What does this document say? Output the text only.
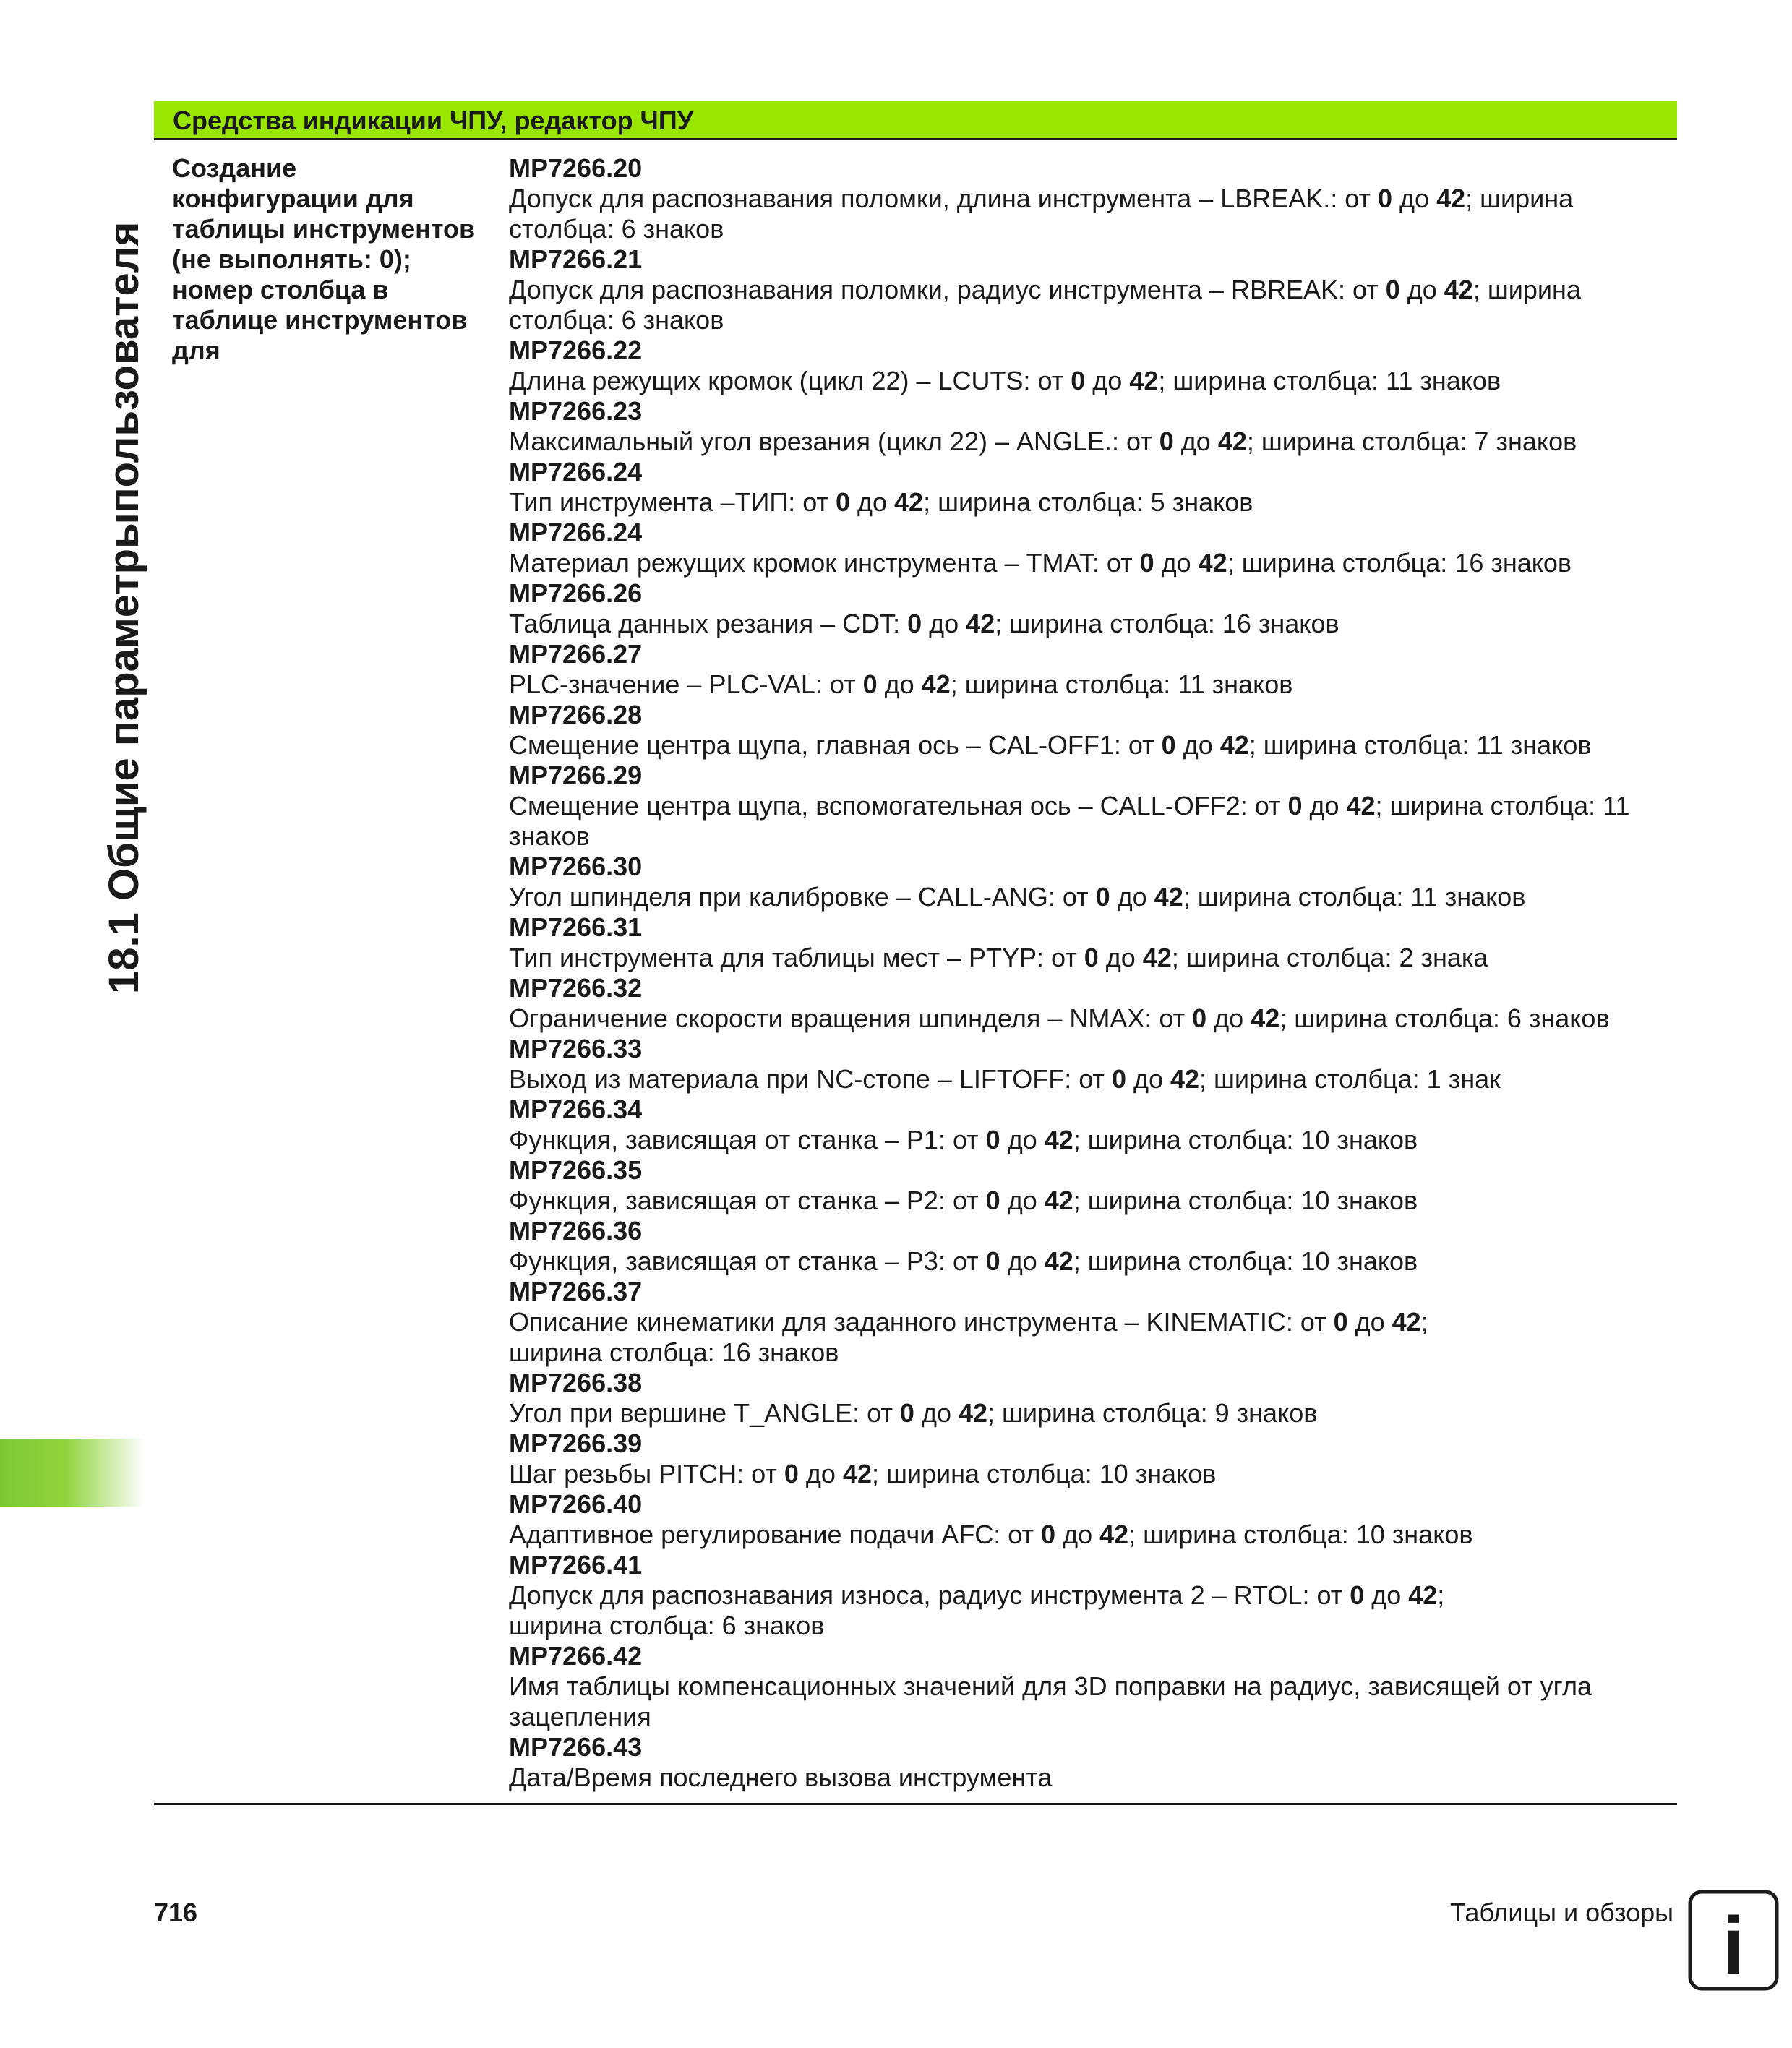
18.1 Общие параметрыпользователя
Средства индикации ЧПУ, редактор ЧПУ
Создание конфигурации для таблицы инструментов (не выполнять: 0); номер столбца в таблице инструментов для
MP7266.20
Допуск для распознавания поломки, длина инструмента – LBREAK.: от 0 до 42; ширина столбца: 6 знаков
MP7266.21
Допуск для распознавания поломки, радиус инструмента – RBREAK: от 0 до 42; ширина столбца: 6 знаков
MP7266.22
Длина режущих кромок (цикл 22) – LCUTS: от 0 до 42; ширина столбца: 11 знаков
MP7266.23
Максимальный угол врезания (цикл 22) – ANGLE.: от 0 до 42; ширина столбца: 7 знаков
MP7266.24
Тип инструмента –ТИП: от 0 до 42; ширина столбца: 5 знаков
MP7266.24
Материал режущих кромок инструмента – TMAT: от 0 до 42; ширина столбца: 16 знаков
MP7266.26
Таблица данных резания – CDT: 0 до 42; ширина столбца: 16 знаков
MP7266.27
PLC-значение – PLC-VAL: от 0 до 42; ширина столбца: 11 знаков
MP7266.28
Смещение центра щупа, главная ось – CAL-OFF1: от 0 до 42; ширина столбца: 11 знаков
MP7266.29
Смещение центра щупа, вспомогательная ось – CALL-OFF2: от 0 до 42; ширина столбца: 11 знаков
MP7266.30
Угол шпинделя при калибровке – CALL-ANG: от 0 до 42; ширина столбца: 11 знаков
MP7266.31
Тип инструмента для таблицы мест – PTYP: от 0 до 42; ширина столбца: 2 знака
MP7266.32
Ограничение скорости вращения шпинделя – NMAX: от 0 до 42; ширина столбца: 6 знаков
MP7266.33
Выход из материала при NC-стопе – LIFTOFF: от 0 до 42; ширина столбца: 1 знак
MP7266.34
Функция, зависящая от станка – P1: от 0 до 42; ширина столбца: 10 знаков
MP7266.35
Функция, зависящая от станка – P2: от 0 до 42; ширина столбца: 10 знаков
MP7266.36
Функция, зависящая от станка – P3: от 0 до 42; ширина столбца: 10 знаков
MP7266.37
Описание кинематики для заданного инструмента – KINEMATIC: от 0 до 42;
ширина столбца: 16 знаков
MP7266.38
Угол при вершине T_ANGLE: от 0 до 42; ширина столбца: 9 знаков
MP7266.39
Шаг резьбы PITCH: от 0 до 42; ширина столбца: 10 знаков
MP7266.40
Адаптивное регулирование подачи AFC: от 0 до 42; ширина столбца: 10 знаков
MP7266.41
Допуск для распознавания износа, радиус инструмента 2 – RTOL: от 0 до 42;
ширина столбца: 6 знаков
MP7266.42
Имя таблицы компенсационных значений для 3D поправки на радиус, зависящей от угла зацепления
MP7266.43
Дата/Время последнего вызова инструмента
716	Таблицы и обзоры i
